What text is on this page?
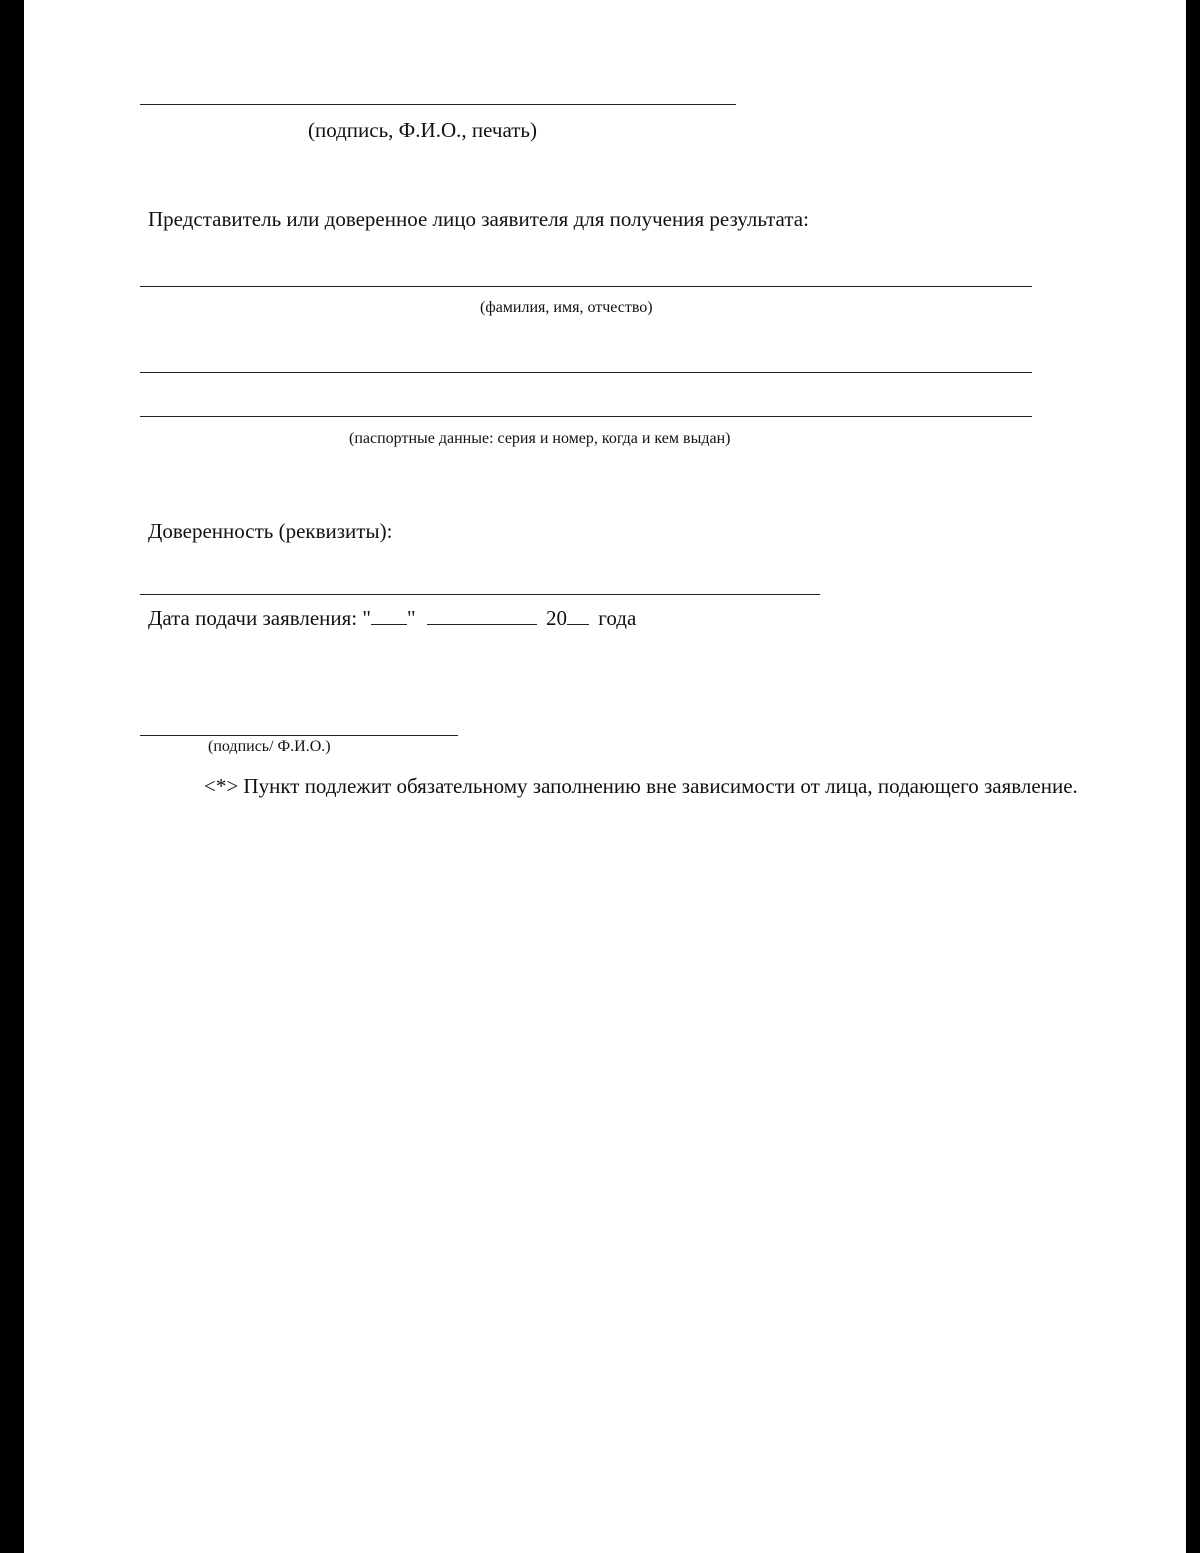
(подпись, Ф.И.О., печать)
Представитель или доверенное лицо заявителя для получения результата:
(фамилия, имя, отчество)
(паспортные данные: серия и номер, когда и кем выдан)
Доверенность (реквизиты):
Дата подачи заявления: " "	20 года
(подпись/ Ф.И.О.)
<*> Пункт подлежит обязательному заполнению вне зависимости от лица, подающего заявление.
